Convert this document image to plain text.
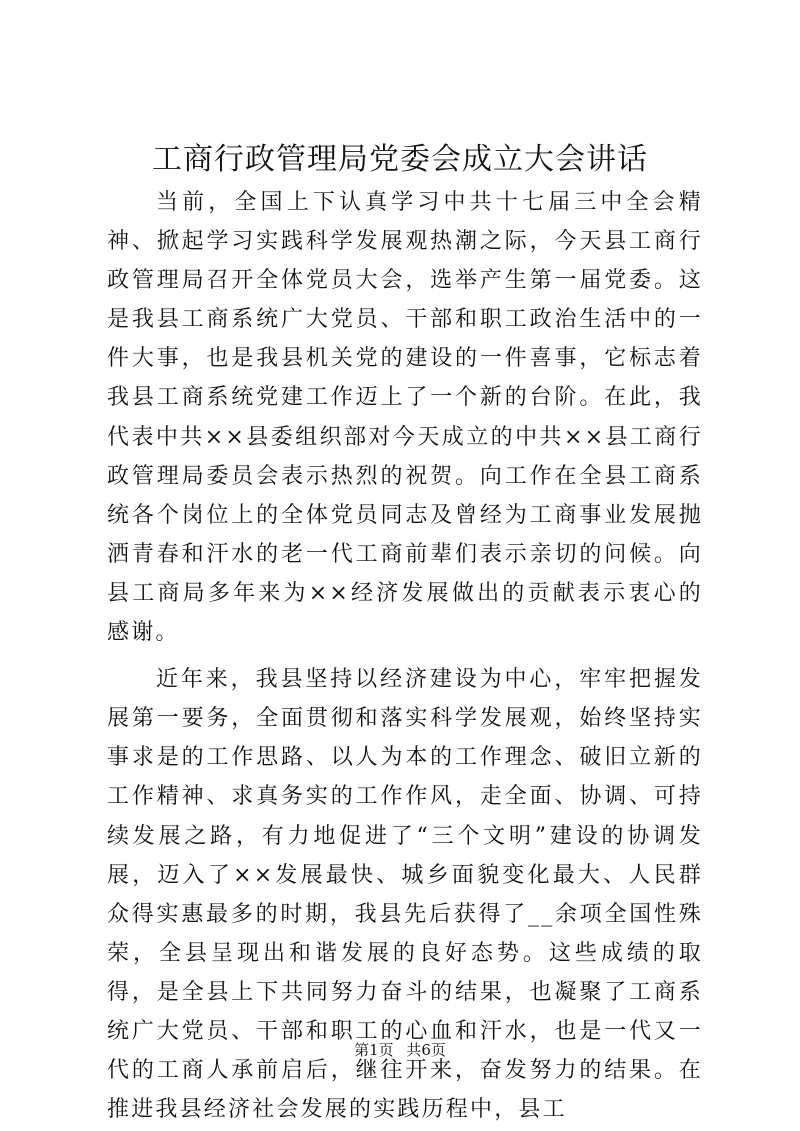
工商行政管理局党委会成立大会讲话

当前，全国上下认真学习中共十七届三中全会精神、掀起学习实践科学发展观热潮之际，今天县工商行政管理局召开全体党员大会，选举产生第一届党委。这是我县工商系统广大党员、干部和职工政治生活中的一件大事，也是我县机关党的建设的一件喜事，它标志着我县工商系统党建工作迈上了一个新的台阶。在此，我代表中共××县委组织部对今天成立的中共××县工商行政管理局委员会表示热烈的祝贺。向工作在全县工商系统各个岗位上的全体党员同志及曾经为工商事业发展抛洒青春和汗水的老一代工商前辈们表示亲切的问候。向县工商局多年来为××经济发展做出的贡献表示衷心的感谢。

近年来，我县坚持以经济建设为中心，牢牢把握发展第一要务，全面贯彻和落实科学发展观，始终坚持实事求是的工作思路、以人为本的工作理念、破旧立新的工作精神、求真务实的工作作风，走全面、协调、可持续发展之路，有力地促进了“三个文明”建设的协调发展，迈入了××发展最快、城乡面貌变化最大、人民群众得实惠最多的时期，我县先后获得了__余项全国性殊荣，全县呈现出和谐发展的良好态势。这些成绩的取得，是全县上下共同努力奋斗的结果，也凝聚了工商系统广大党员、干部和职工的心血和汗水，也是一代又一代的工商人承前启后，继往开来，奋发努力的结果。在推进我县经济社会发展的实践历程中，县工

第1页 共6页
